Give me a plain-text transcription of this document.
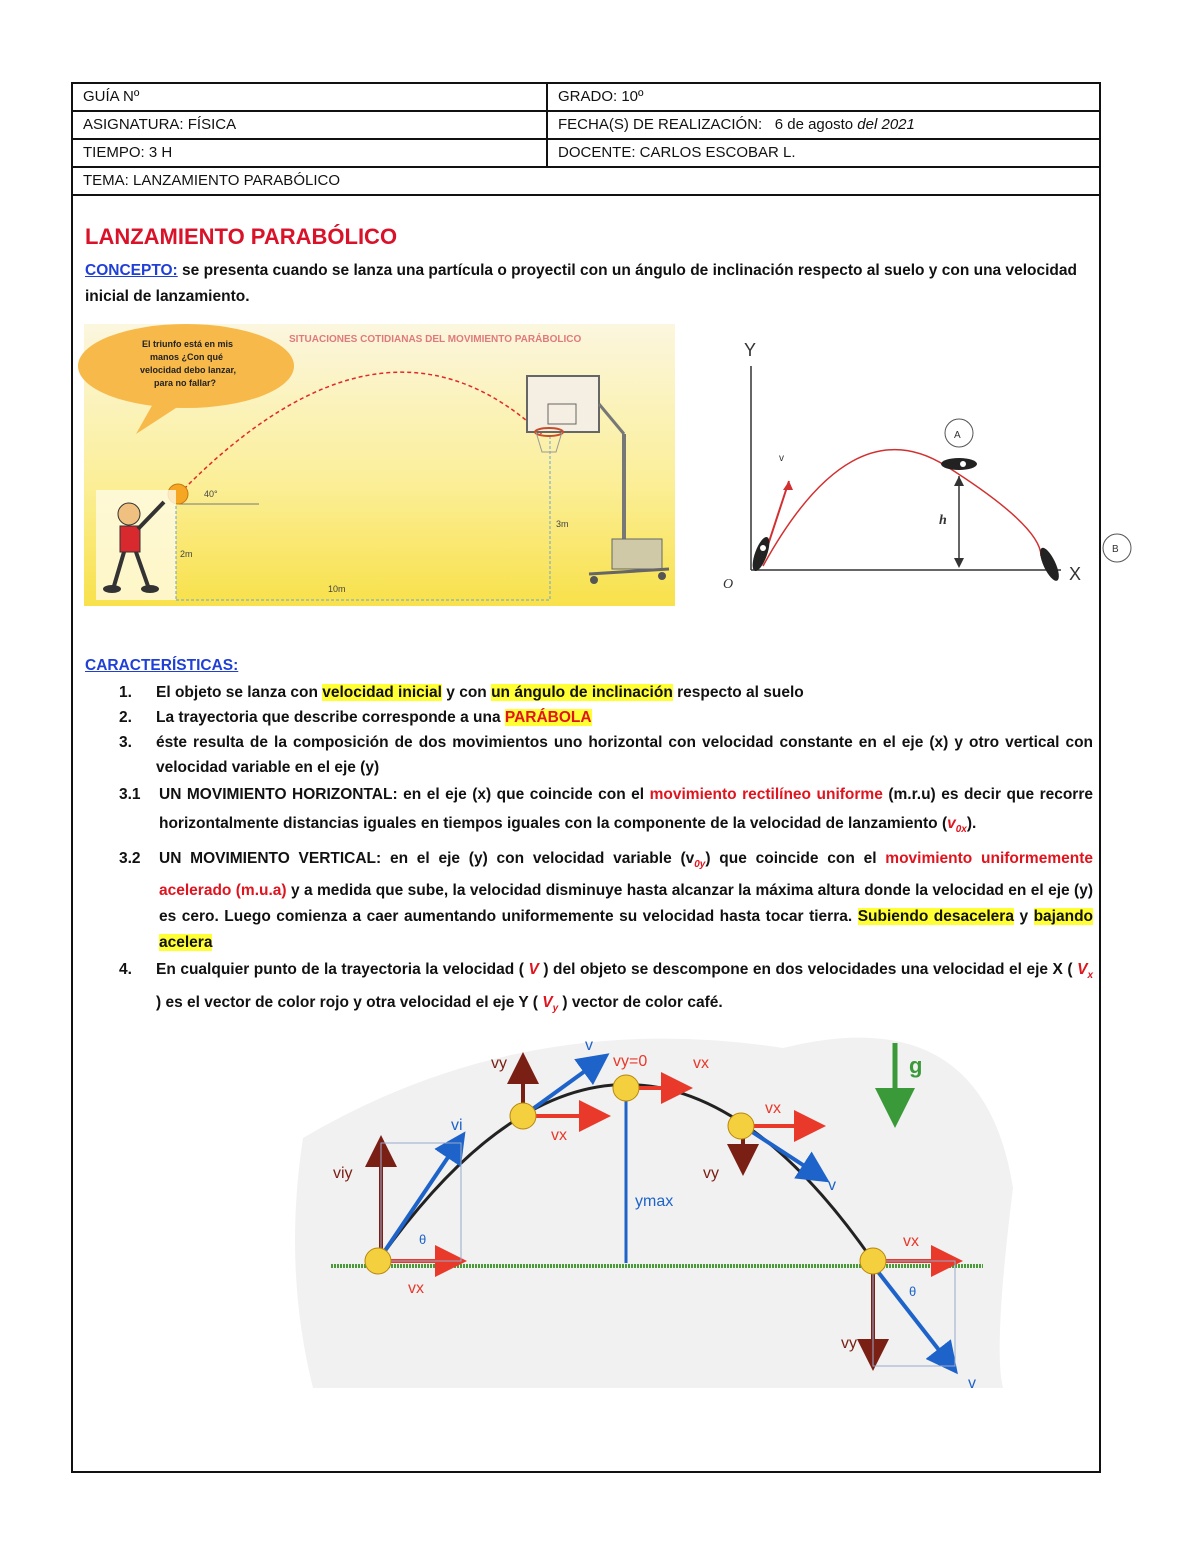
GUÍA Nº	GRADO: 10º
ASIGNATURA: FÍSICA	FECHA(S) DE REALIZACIÓN: 6 de agosto del 2021
TIEMPO: 3 H	DOCENTE: CARLOS ESCOBAR L.
TEMA: LANZAMIENTO PARABÓLICO
LANZAMIENTO PARABÓLICO
CONCEPTO: se presenta cuando se lanza una partícula o proyectil con un ángulo de inclinación respecto al suelo y con una velocidad inicial de lanzamiento.
SITUACIONES COTIDIANAS DEL MOVIMIENTO PARÁBOLICO
El triunfo está en mis
manos ¿Con qué
velocidad debo lanzar,
para no fallar?
40°
2m
10m
3m
Y
X
O
v
A
h
B
CARACTERÍSTICAS:
1. El objeto se lanza con velocidad inicial y con un ángulo de inclinación respecto al suelo
2. La trayectoria que describe corresponde a una PARÁBOLA
3. éste resulta de la composición de dos movimientos uno horizontal con velocidad constante en el eje (x) y otro vertical con velocidad variable en el eje (y)
3.1 UN MOVIMIENTO HORIZONTAL: en el eje (x) que coincide con el movimiento rectilíneo uniforme (m.r.u) es decir que recorre horizontalmente distancias iguales en tiempos iguales con la componente de la velocidad de lanzamiento $(v_{0x})$.
3.2 UN MOVIMIENTO VERTICAL: en el eje (y) con velocidad variable $(v_{0y})$ que coincide con el movimiento uniformemente acelerado (m.u.a) y a medida que sube, la velocidad disminuye hasta alcanzar la máxima altura donde la velocidad en el eje (y) es cero. Luego comienza a caer aumentando uniformemente su velocidad hasta tocar tierra. Subiendo desacelera y bajando acelera
4. En cualquier punto de la trayectoria la velocidad ( V ) del objeto se descompone en dos velocidades una velocidad el eje X ( $V_x$ ) es el vector de color rojo y otra velocidad el eje Y ( $V_y$ ) vector de color café.
viy
vi
vx
θ
vy
v
vx
vy=0	vx
ymax
vx
vy
v
vx
vy
v
θ
g
